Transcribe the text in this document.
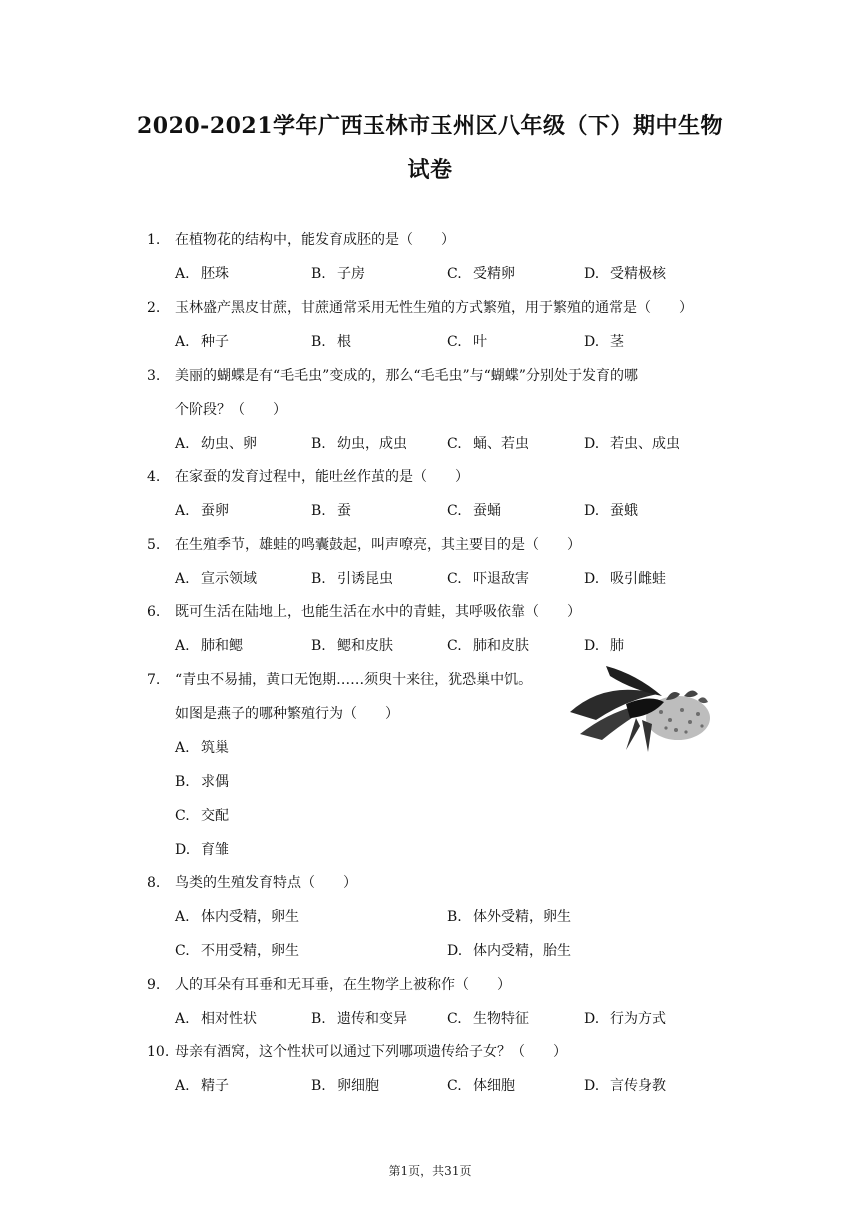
2020-2021学年广西玉林市玉州区八年级（下）期中生物
试卷
1. 在植物花的结构中，能发育成胚的是（　　）
A. 胚珠	B. 子房	C. 受精卵	D. 受精极核
2. 玉林盛产黑皮甘蔗，甘蔗通常采用无性生殖的方式繁殖，用于繁殖的通常是（　　）
A. 种子	B. 根	C. 叶	D. 茎
3. 美丽的蝴蝶是有“毛毛虫”变成的，那么“毛毛虫”与“蝴蝶”分别处于发育的哪
个阶段？（　　）
A. 幼虫、卵	B. 幼虫，成虫	C. 蛹、若虫	D. 若虫、成虫
4. 在家蚕的发育过程中，能吐丝作茧的是（　　）
A. 蚕卵	B. 蚕	C. 蚕蛹	D. 蚕蛾
5. 在生殖季节，雄蛙的鸣囊鼓起，叫声嘹亮，其主要目的是（　　）
A. 宣示领域	B. 引诱昆虫	C. 吓退敌害	D. 吸引雌蛙
6. 既可生活在陆地上，也能生活在水中的青蛙，其呼吸依靠（　　）
A. 肺和鳃	B. 鳃和皮肤	C. 肺和皮肤	D. 肺
7. “青虫不易捕，黄口无饱期……须臾十来往，犹恐巢中饥。
如图是燕子的哪种繁殖行为（　　）
A. 筑巢
B. 求偶
C. 交配
D. 育雏
8. 鸟类的生殖发育特点（　　）
A. 体内受精，卵生	B. 体外受精，卵生
C. 不用受精，卵生	D. 体内受精，胎生
9. 人的耳朵有耳垂和无耳垂，在生物学上被称作（　　）
A. 相对性状	B. 遗传和变异	C. 生物特征	D. 行为方式
10. 母亲有酒窝，这个性状可以通过下列哪项遗传给子女？（　　）
A. 精子	B. 卵细胞	C. 体细胞	D. 言传身教
第1页，共31页
